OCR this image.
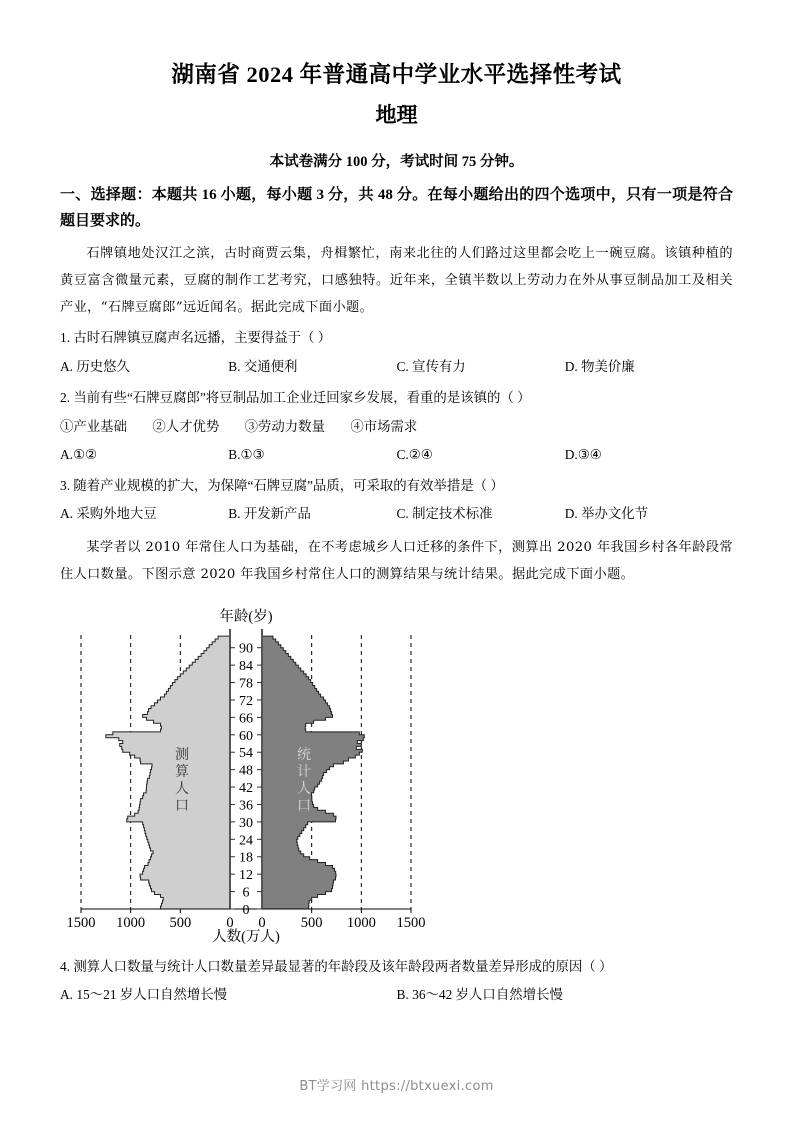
湖南省 2024 年普通高中学业水平选择性考试
地理
本试卷满分 100 分，考试时间 75 分钟。
一、选择题：本题共 16 小题，每小题 3 分，共 48 分。在每小题给出的四个选项中，只有一项是符合题目要求的。
石牌镇地处汉江之滨，古时商贾云集，舟楫繁忙，南来北往的人们路过这里都会吃上一碗豆腐。该镇种植的黄豆富含微量元素，豆腐的制作工艺考究，口感独特。近年来，全镇半数以上劳动力在外从事豆制品加工及相关产业，“石牌豆腐郎”远近闻名。据此完成下面小题。
1. 古时石牌镇豆腐声名远播，主要得益于（ ）
A. 历史悠久	B. 交通便利	C. 宣传有力	D. 物美价廉
2. 当前有些“石牌豆腐郎”将豆制品加工企业迁回家乡发展，看重的是该镇的（ ）
①产业基础 ②人才优势 ③劳动力数量 ④市场需求
A.①②	B.①③	C.②④	D.③④
3. 随着产业规模的扩大，为保障“石牌豆腐”品质，可采取的有效举措是（ ）
A. 采购外地大豆	B. 开发新产品	C. 制定技术标准	D. 举办文化节
某学者以 2010 年常住人口为基础，在不考虑城乡人口迁移的条件下，测算出 2020 年我国乡村各年龄段常住人口数量。下图示意 2020 年我国乡村常住人口的测算结果与统计结果。据此完成下面小题。
0
6
12
18
24
30
36
42
48
54
60
66
72
78
84
90
1500 1000 500 0 0 500 1000 1500
年龄(岁)
人数(万人)
测
算
人
口
统
计
人
口
4. 测算人口数量与统计人口数量差异最显著的年龄段及该年龄段两者数量差异形成的原因（ ）
A. 15～21 岁人口自然增长慢	B. 36～42 岁人口自然增长慢
BT学习网 https://btxuexi.com
